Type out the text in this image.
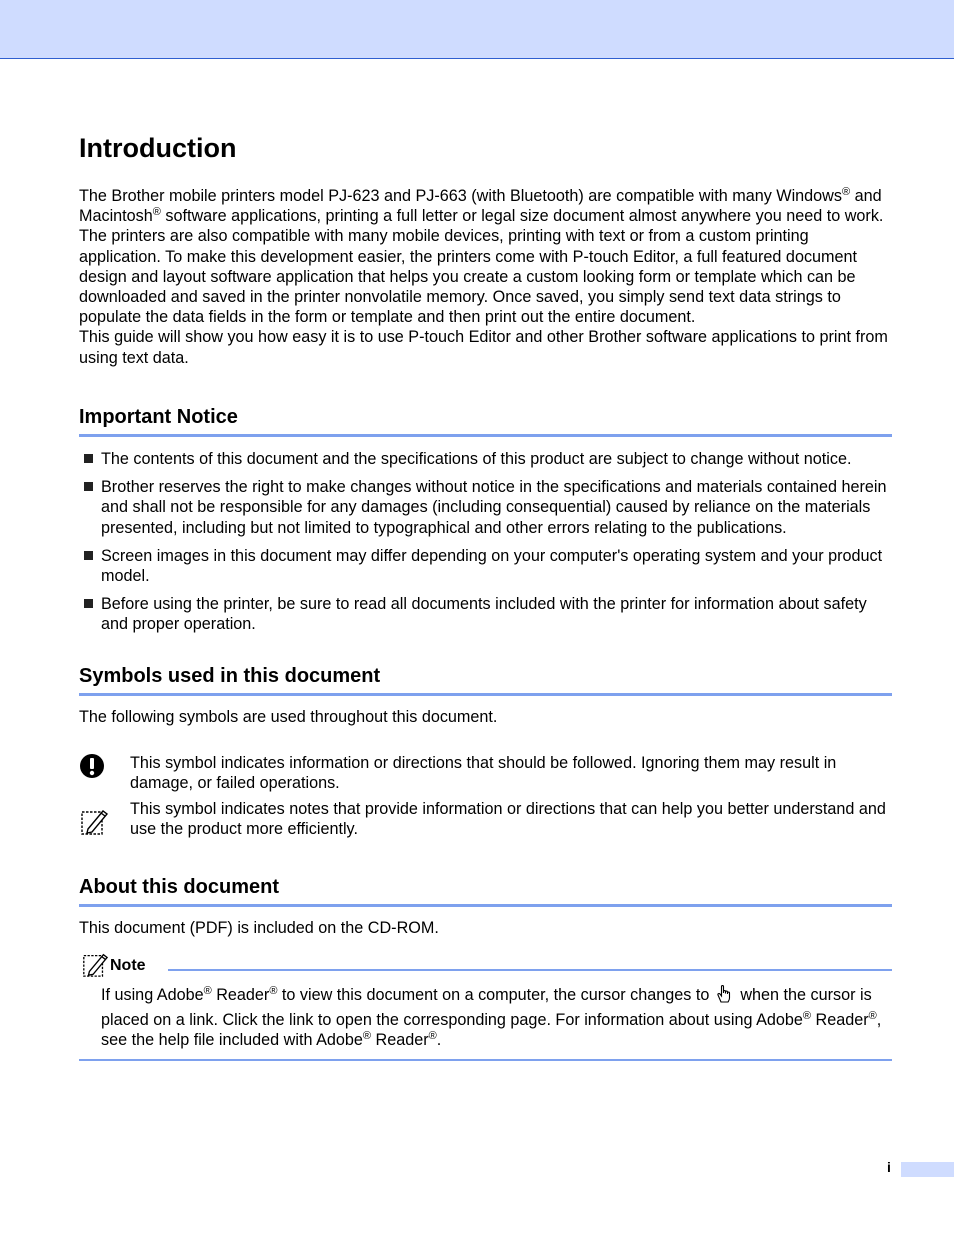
Introduction

The Brother mobile printers model PJ-623 and PJ-663 (with Bluetooth) are compatible with many Windows® and Macintosh® software applications, printing a full letter or legal size document almost anywhere you need to work. The printers are also compatible with many mobile devices, printing with text or from a custom printing application. To make this development easier, the printers come with P-touch Editor, a full featured document design and layout software application that helps you create a custom looking form or template which can be downloaded and saved in the printer nonvolatile memory. Once saved, you simply send text data strings to populate the data fields in the form or template and then print out the entire document.

This guide will show you how easy it is to use P-touch Editor and other Brother software applications to print from using text data.

Important Notice
The contents of this document and the specifications of this product are subject to change without notice.
Brother reserves the right to make changes without notice in the specifications and materials contained herein and shall not be responsible for any damages (including consequential) caused by reliance on the materials presented, including but not limited to typographical and other errors relating to the publications.
Screen images in this document may differ depending on your computer's operating system and your product model.
Before using the printer, be sure to read all documents included with the printer for information about safety and proper operation.
Symbols used in this document

The following symbols are used throughout this document.

This symbol indicates information or directions that should be followed. Ignoring them may result in damage, or failed operations.

This symbol indicates notes that provide information or directions that can help you better understand and use the product more efficiently.

About this document

This document (PDF) is included on the CD-ROM.

Note

If using Adobe® Reader® to view this document on a computer, the cursor changes to  when the cursor is placed on a link. Click the link to open the corresponding page. For information about using Adobe® Reader®, see the help file included with Adobe® Reader®.

i
